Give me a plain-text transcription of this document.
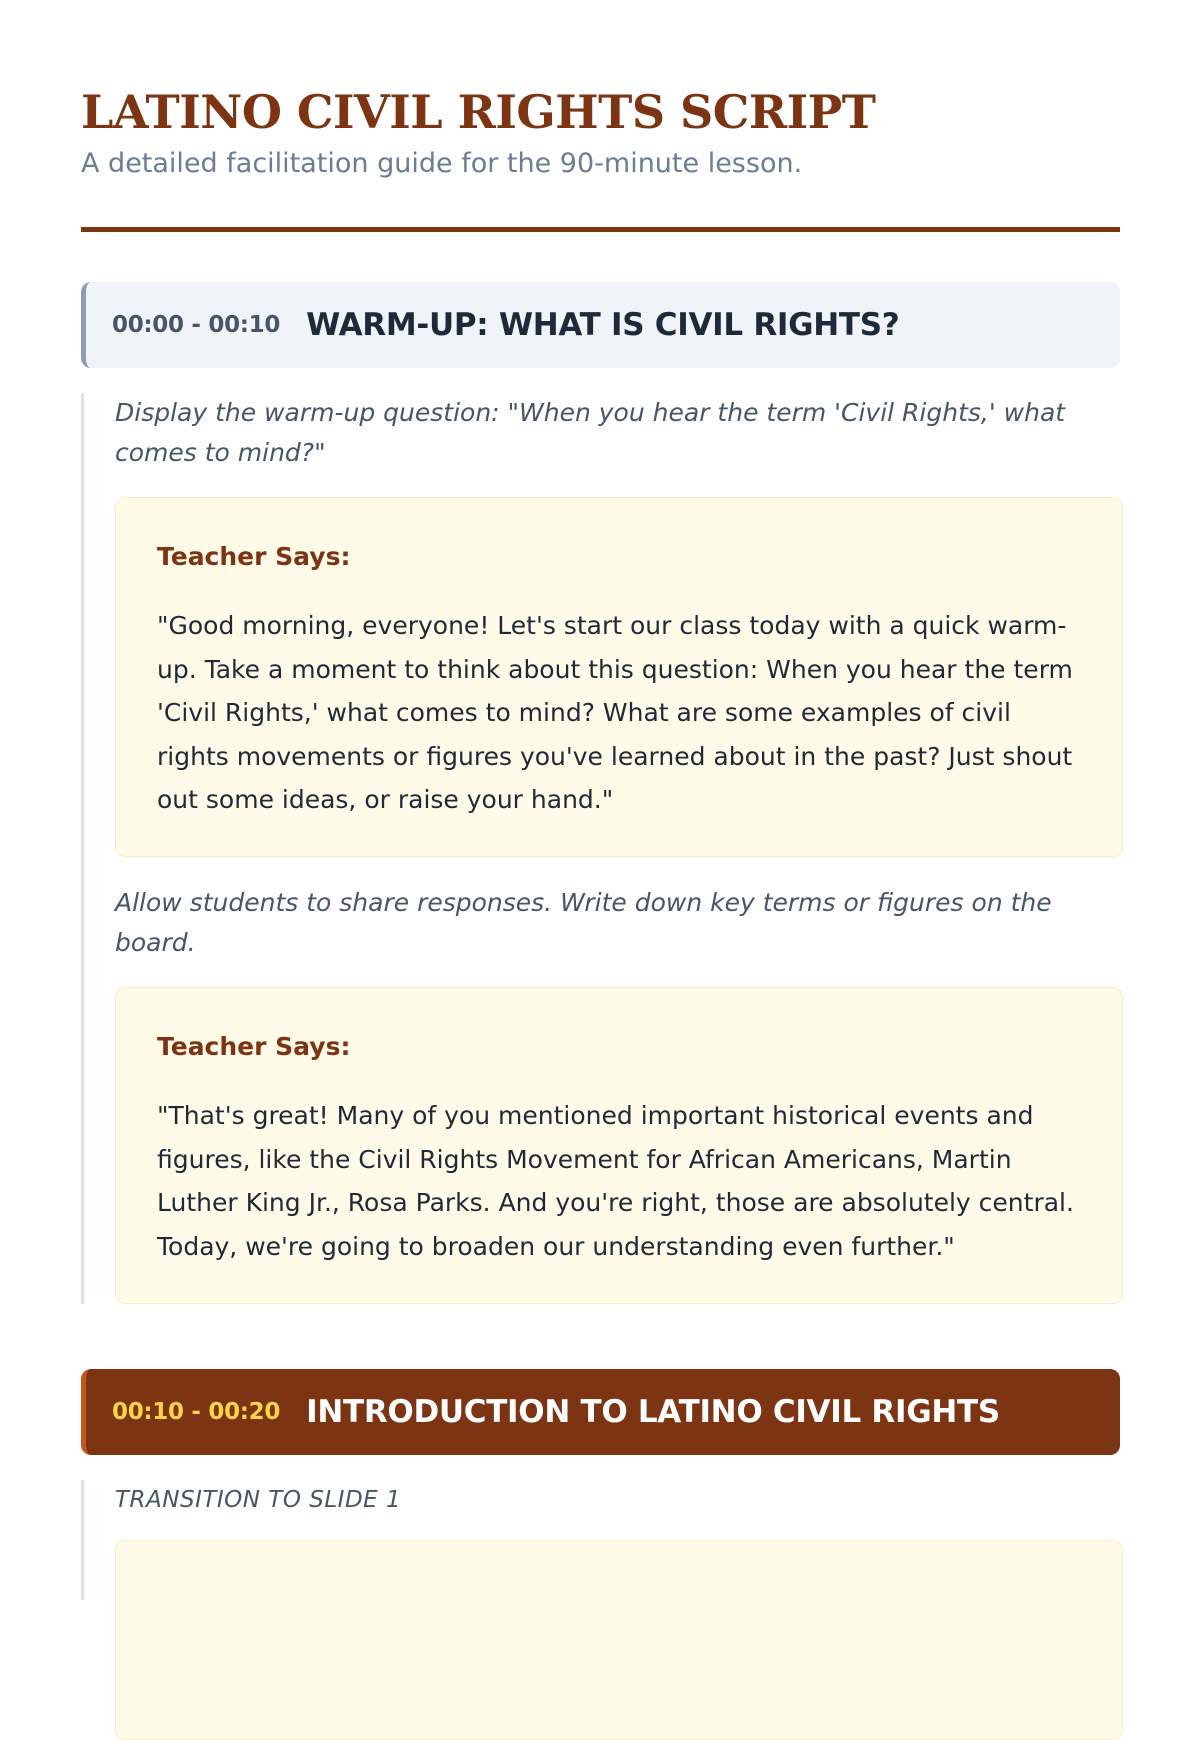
LATINO CIVIL RIGHTS SCRIPT

A detailed facilitation guide for the 90-minute lesson.

00:00 - 00:10 WARM-UP: WHAT IS CIVIL RIGHTS?

Display the warm-up question: "When you hear the term 'Civil Rights,' what comes to mind?"

Teacher Says:

"Good morning, everyone! Let's start our class today with a quick warm-up. Take a moment to think about this question: When you hear the term 'Civil Rights,' what comes to mind? What are some examples of civil rights movements or figures you've learned about in the past? Just shout out some ideas, or raise your hand."

Allow students to share responses. Write down key terms or figures on the board.

Teacher Says:

"That's great! Many of you mentioned important historical events and figures, like the Civil Rights Movement for African Americans, Martin Luther King Jr., Rosa Parks. And you're right, those are absolutely central. Today, we're going to broaden our understanding even further."

00:10 - 00:20 INTRODUCTION TO LATINO CIVIL RIGHTS

TRANSITION TO SLIDE 1
